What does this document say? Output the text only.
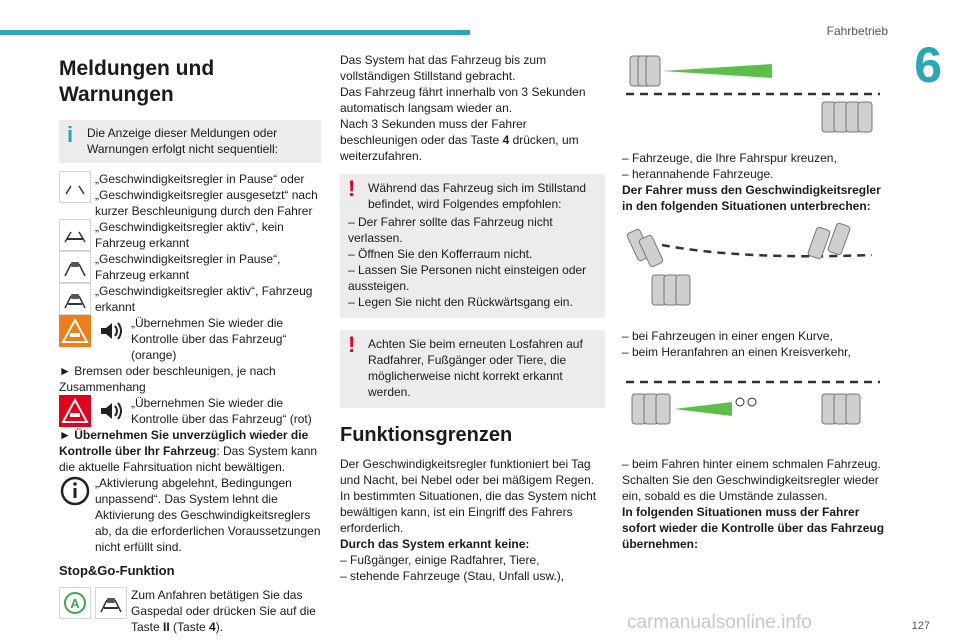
Fahrbetrieb
6
Meldungen und Warnungen
i Die Anzeige dieser Meldungen oder Warnungen erfolgt nicht sequentiell:

„Geschwindigkeitsregler in Pause“ oder „Geschwindigkeitsregler ausgesetzt“ nach kurzer Beschleunigung durch den Fahrer

„Geschwindigkeitsregler aktiv“, kein Fahrzeug erkannt

„Geschwindigkeitsregler in Pause“, Fahrzeug erkannt

„Geschwindigkeitsregler aktiv“, Fahrzeug erkannt

„Übernehmen Sie wieder die Kontrolle über das Fahrzeug“ (orange)

► Bremsen oder beschleunigen, je nach Zusammenhang

„Übernehmen Sie wieder die Kontrolle über das Fahrzeug“ (rot)

► Übernehmen Sie unverzüglich wieder die Kontrolle über Ihr Fahrzeug: Das System kann die aktuelle Fahrsituation nicht bewältigen.

„Aktivierung abgelehnt, Bedingungen unpassend“. Das System lehnt die Aktivierung des Geschwindigkeitsreglers ab, da die erforderlichen Voraussetzungen nicht erfüllt sind.

Stop&Go-Funktion
A

Zum Anfahren betätigen Sie das Gaspedal oder drücken Sie auf die Taste II (Taste 4).

Das System hat das Fahrzeug bis zum vollständigen Stillstand gebracht.

Das Fahrzeug fährt innerhalb von 3 Sekunden automatisch langsam wieder an.

Nach 3 Sekunden muss der Fahrer beschleunigen oder das Taste 4 drücken, um weiterzufahren.

! Während das Fahrzeug sich im Stillstand befindet, wird Folgendes empfohlen:

– Der Fahrer sollte das Fahrzeug nicht verlassen.

– Öffnen Sie den Kofferraum nicht.

– Lassen Sie Personen nicht einsteigen oder aussteigen.

– Legen Sie nicht den Rückwärtsgang ein.

! Achten Sie beim erneuten Losfahren auf Radfahrer, Fußgänger oder Tiere, die möglicherweise nicht korrekt erkannt werden.

Funktionsgrenzen

Der Geschwindigkeitsregler funktioniert bei Tag und Nacht, bei Nebel oder bei mäßigem Regen.

In bestimmten Situationen, die das System nicht bewältigen kann, ist ein Eingriff des Fahrers erforderlich.

Durch das System erkannt keine:

– Fußgänger, einige Radfahrer, Tiere,

– stehende Fahrzeuge (Stau, Unfall usw.),

– Fahrzeuge, die Ihre Fahrspur kreuzen,

– herannahende Fahrzeuge.

Der Fahrer muss den Geschwindigkeitsregler in den folgenden Situationen unterbrechen:

– bei Fahrzeugen in einer engen Kurve,

– beim Heranfahren an einen Kreisverkehr,

– beim Fahren hinter einem schmalen Fahrzeug.

Schalten Sie den Geschwindigkeitsregler wieder ein, sobald es die Umstände zulassen.

In folgenden Situationen muss der Fahrer sofort wieder die Kontrolle über das Fahrzeug übernehmen:

127
carmanualsonline.info
